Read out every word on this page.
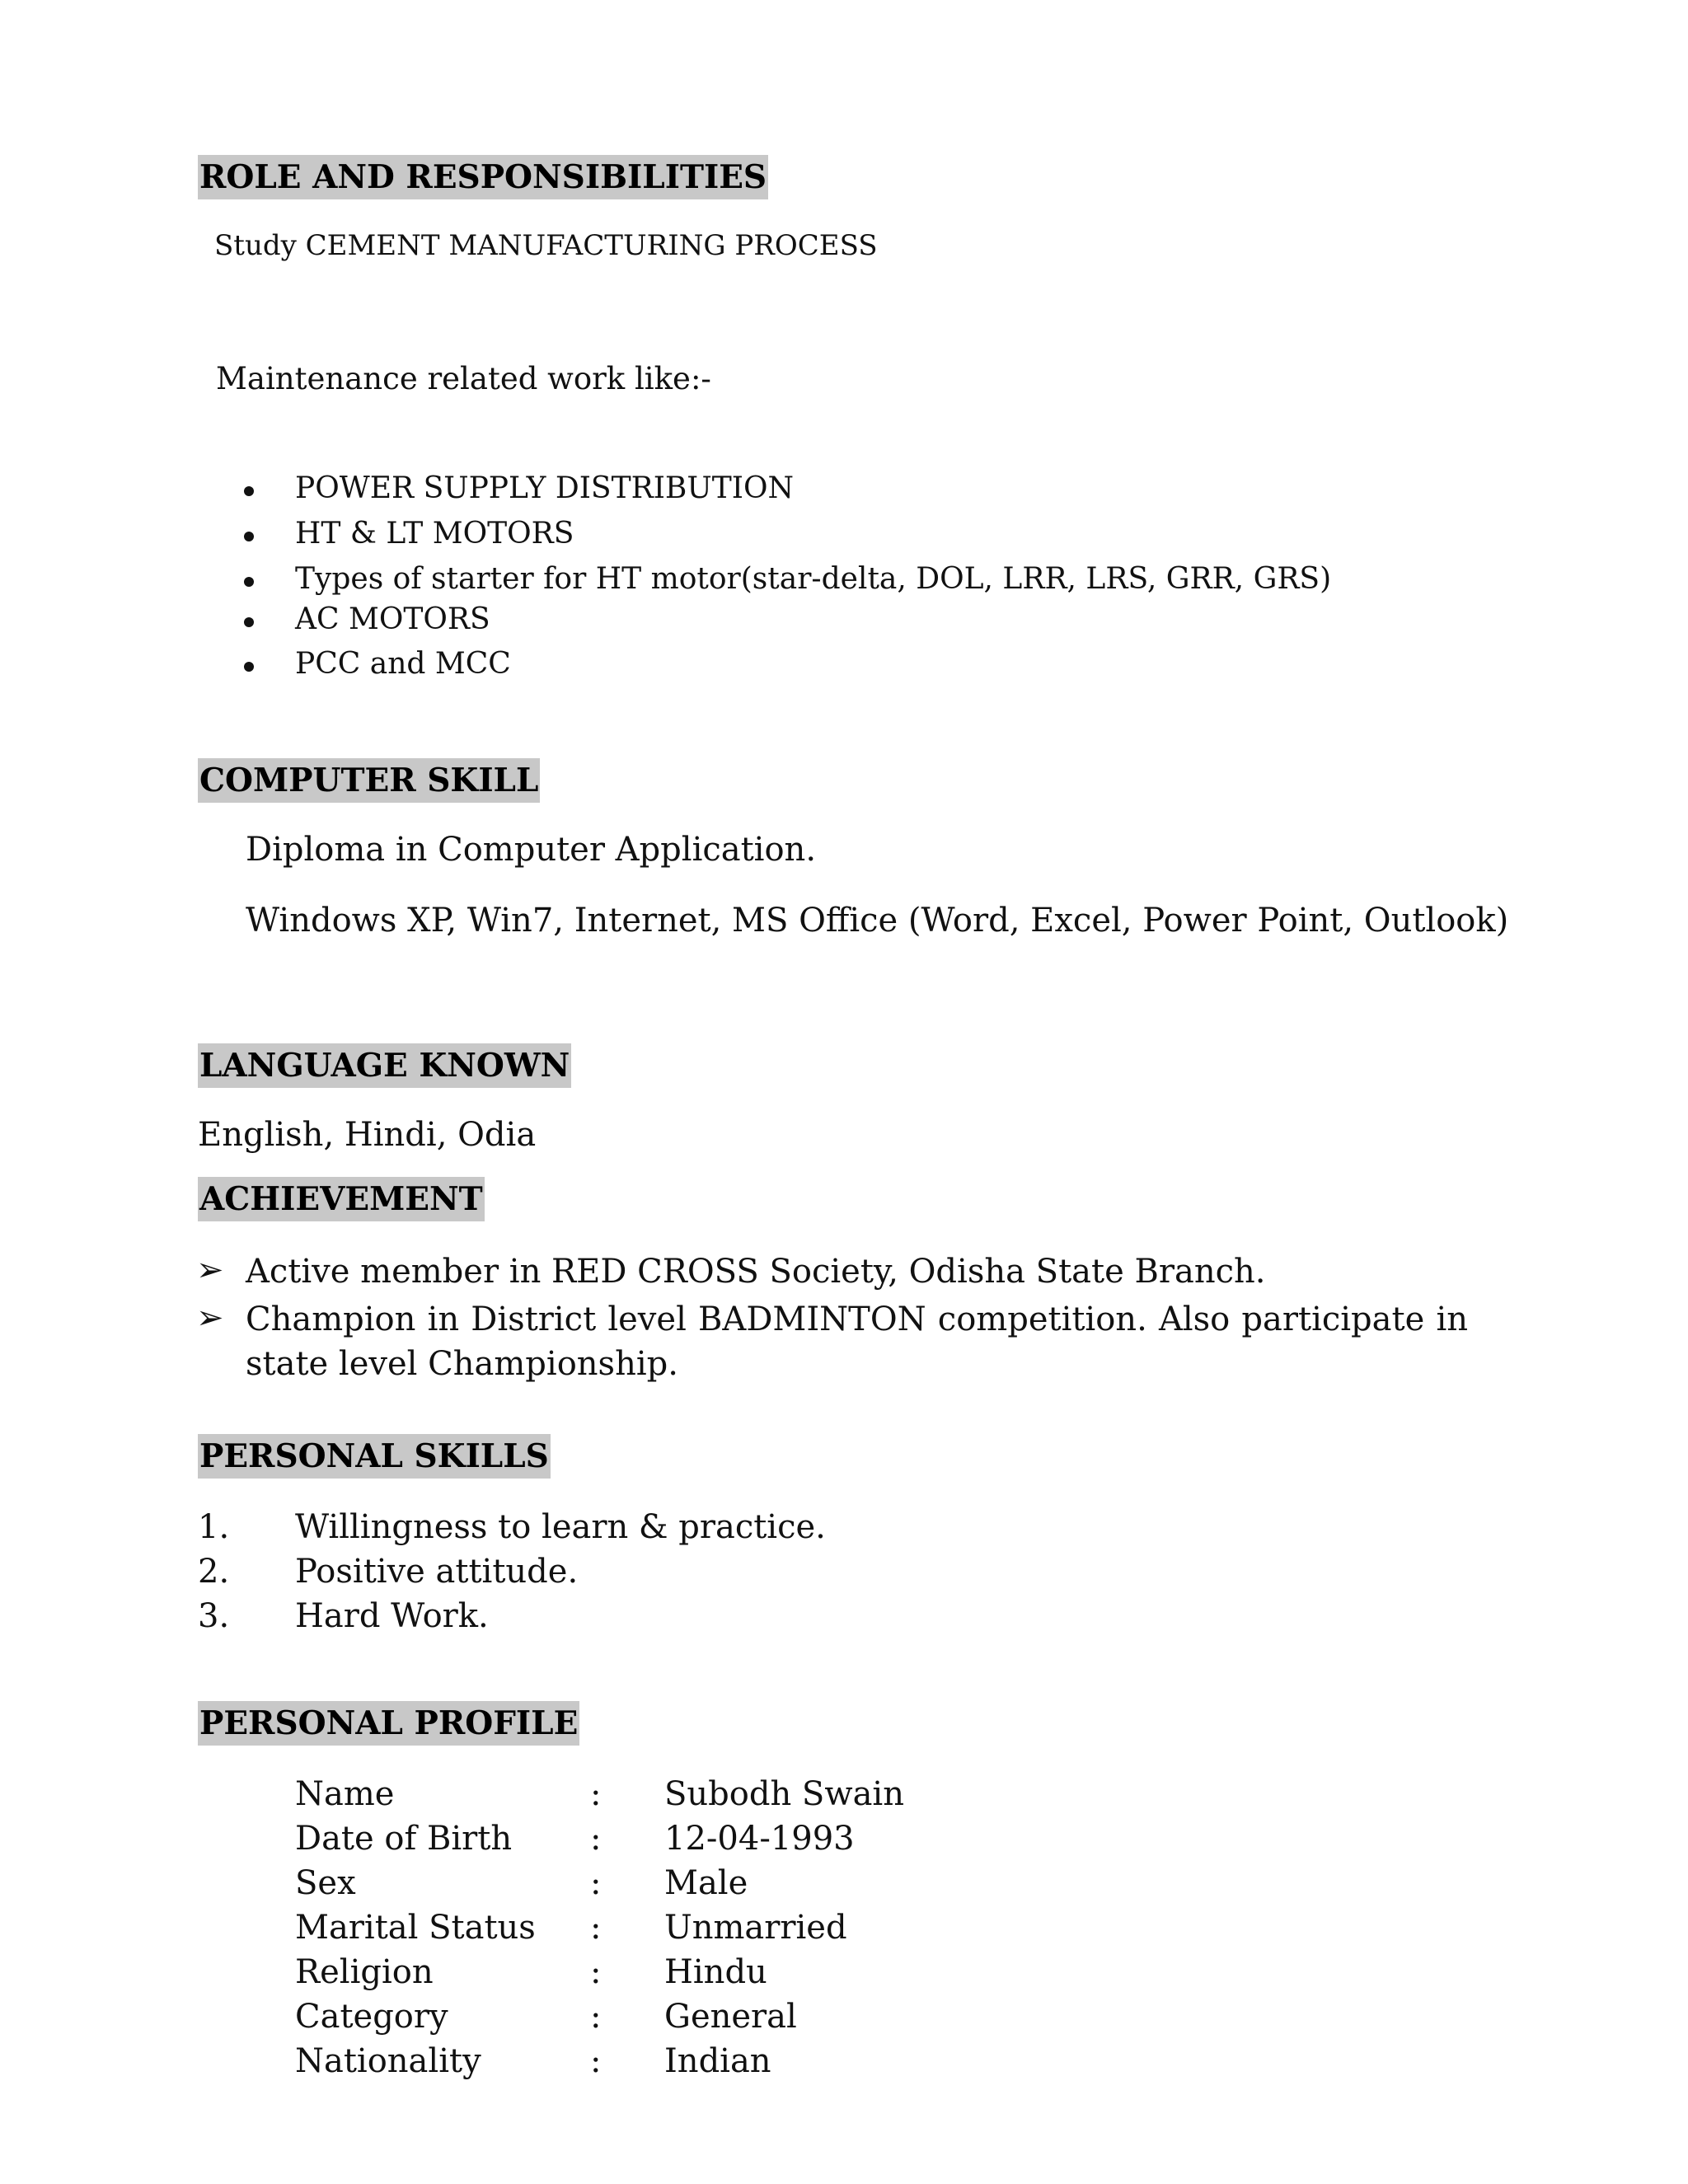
ROLE AND RESPONSIBILITIES
Study CEMENT MANUFACTURING PROCESS
Maintenance related work like:-
POWER SUPPLY DISTRIBUTION
HT & LT MOTORS
Types of starter for HT motor(star-delta, DOL, LRR, LRS, GRR, GRS)
AC MOTORS
PCC and MCC
COMPUTER SKILL
Diploma in Computer Application.
Windows XP, Win7, Internet, MS Office (Word, Excel, Power Point, Outlook)
LANGUAGE KNOWN
English, Hindi, Odia
ACHIEVEMENT
➢ Active member in RED CROSS Society, Odisha State Branch.
➢ Champion in District level BADMINTON competition. Also participate in
state level Championship.
PERSONAL SKILLS
1. Willingness to learn & practice.
2. Positive attitude.
3. Hard Work.
PERSONAL PROFILE
Name	: Subodh Swain
Date of Birth : 12-04-1993
Sex	: Male
Marital Status : Unmarried
Religion	: Hindu
Category	: General
Nationality	: Indian
